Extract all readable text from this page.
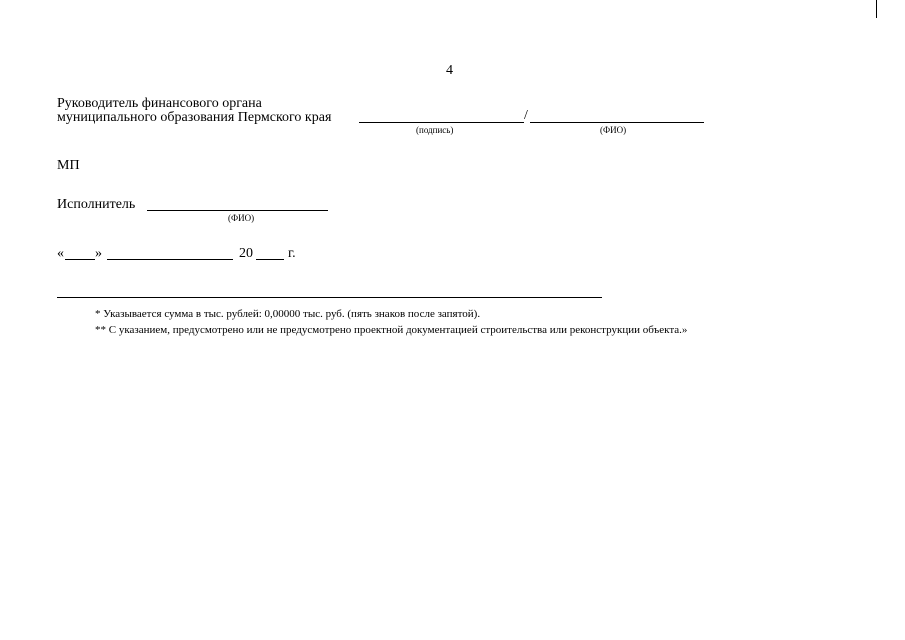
4
Руководитель финансового органа
муниципального образования Пермского края	/
(подпись)	(ФИО)
МП
Исполнитель
(ФИО)
« »	20	г.
* Указывается сумма в тыс. рублей: 0,00000 тыс. руб. (пять знаков после запятой).
** С указанием, предусмотрено или не предусмотрено проектной документацией строительства или реконструкции объекта.»
